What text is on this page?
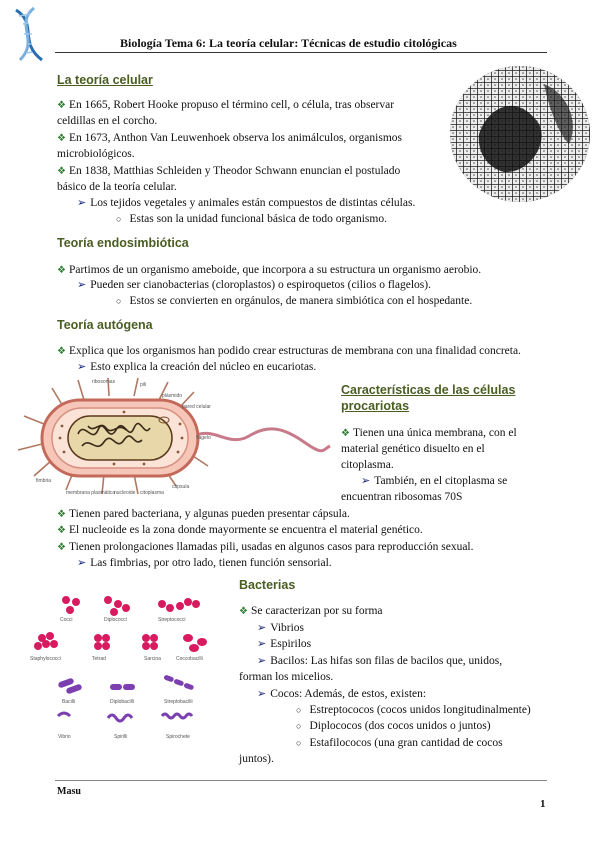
Biología Tema 6: La teoría celular: Técnicas de estudio citológicas
La teoría celular
❖ En 1665, Robert Hooke propuso el término cell, o célula, tras observar
celdillas en el corcho.
❖ En 1673, Anthon Van Leuwenhoek observa los animálculos, organismos
microbiológicos.
❖ En 1838, Matthias Schleiden y Theodor Schwann enuncian el postulado
básico de la teoría celular.
➢ Los tejidos vegetales y animales están compuestos de distintas células.
○ Estas son la unidad funcional básica de todo organismo.
Teoría endosimbiótica
❖ Partimos de un organismo ameboide, que incorpora a su estructura un organismo aerobio.
➢ Pueden ser cianobacterias (cloroplastos) o espiroquetos (cilios o flagelos).
○ Estos se convierten en orgánulos, de manera simbiótica con el hospedante.
Teoría autógena
❖ Explica que los organismos han podido crear estructuras de membrana con una finalidad concreta.
➢ Esto explica la creación del núcleo en eucariotas.
ribosomas	pili
plásmido
pared celular
flagelo
fimbria
membrana plasmática
nucleoide citoplasma
cápsula
Características de las células
procariotas
❖ Tienen una única membrana, con el
material genético disuelto en el
citoplasma.
➢ También, en el citoplasma se
encuentran ribosomas 70S
❖ Tienen pared bacteriana, y algunas pueden presentar cápsula.
❖ El nucleoide es la zona donde mayormente se encuentra el material genético.
❖ Tienen prolongaciones llamadas pili, usadas en algunos casos para reproducción sexual.
➢ Las fimbrias, por otro lado, tienen función sensorial.
Cocci	Diplococci	Streptococci
Staphylococci	Tetrad	Sarcina	Coccobacilli
Bacilli	Diplobacilli	Streptobacilli
Vibrio	Spirilli	Spirochete
Bacterias
❖ Se caracterizan por su forma
➢ Vibrios
➢ Espirilos
➢ Bacilos: Las hifas son filas de bacilos que, unidos,
forman los micelios.
➢ Cocos: Además, de estos, existen:
○ Estreptococos (cocos unidos longitudinalmente)
○ Diplococos (dos cocos unidos o juntos)
○ Estafilococos (una gran cantidad de cocos
juntos).
Masu
1
